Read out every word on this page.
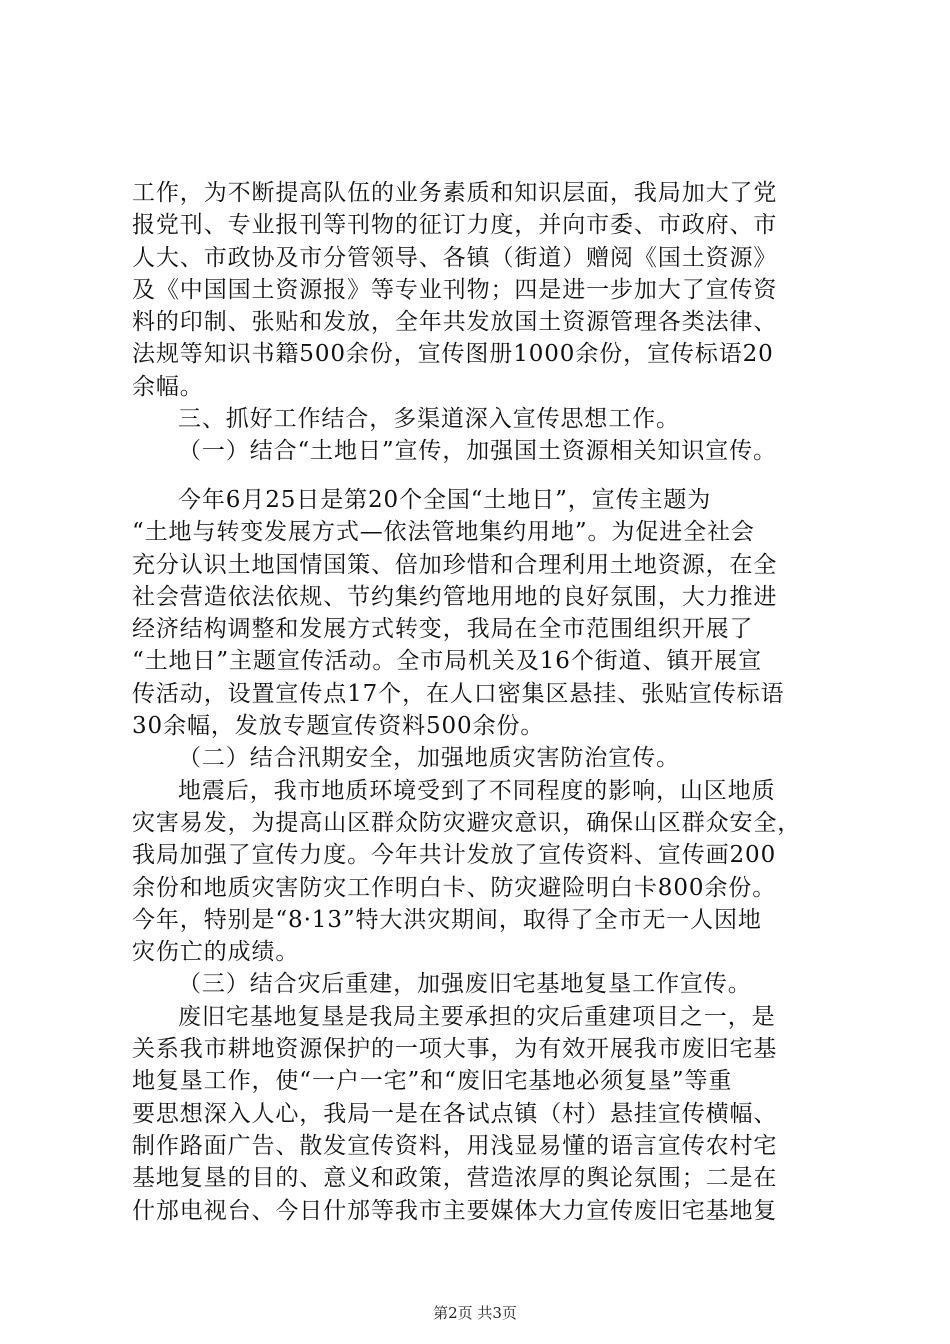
工作，为不断提高队伍的业务素质和知识层面，我局加大了党
报党刊、专业报刊等刊物的征订力度，并向市委、市政府、市
人大、市政协及市分管领导、各镇（街道）赠阅《国土资源》
及《中国国土资源报》等专业刊物；四是进一步加大了宣传资
料的印制、张贴和发放，全年共发放国土资源管理各类法律、
法规等知识书籍500余份，宣传图册1000余份，宣传标语20
余幅。
三、抓好工作结合，多渠道深入宣传思想工作。
（一）结合“土地日”宣传，加强国土资源相关知识宣传。
今年6月25日是第20个全国“土地日”，宣传主题为
“土地与转变发展方式—依法管地集约用地”。为促进全社会
充分认识土地国情国策、倍加珍惜和合理利用土地资源，在全
社会营造依法依规、节约集约管地用地的良好氛围，大力推进
经济结构调整和发展方式转变，我局在全市范围组织开展了
“土地日”主题宣传活动。全市局机关及16个街道、镇开展宣
传活动，设置宣传点17个，在人口密集区悬挂、张贴宣传标语
30余幅，发放专题宣传资料500余份。
（二）结合汛期安全，加强地质灾害防治宣传。
地震后，我市地质环境受到了不同程度的影响，山区地质
灾害易发，为提高山区群众防灾避灾意识，确保山区群众安全，
我局加强了宣传力度。今年共计发放了宣传资料、宣传画200
余份和地质灾害防灾工作明白卡、防灾避险明白卡800余份。
今年，特别是“8·13”特大洪灾期间，取得了全市无一人因地
灾伤亡的成绩。
（三）结合灾后重建，加强废旧宅基地复垦工作宣传。
废旧宅基地复垦是我局主要承担的灾后重建项目之一，是
关系我市耕地资源保护的一项大事，为有效开展我市废旧宅基
地复垦工作，使“一户一宅”和“废旧宅基地必须复垦”等重
要思想深入人心，我局一是在各试点镇（村）悬挂宣传横幅、
制作路面广告、散发宣传资料，用浅显易懂的语言宣传农村宅
基地复垦的目的、意义和政策，营造浓厚的舆论氛围；二是在
什邡电视台、今日什邡等我市主要媒体大力宣传废旧宅基地复
第2页 共3页
